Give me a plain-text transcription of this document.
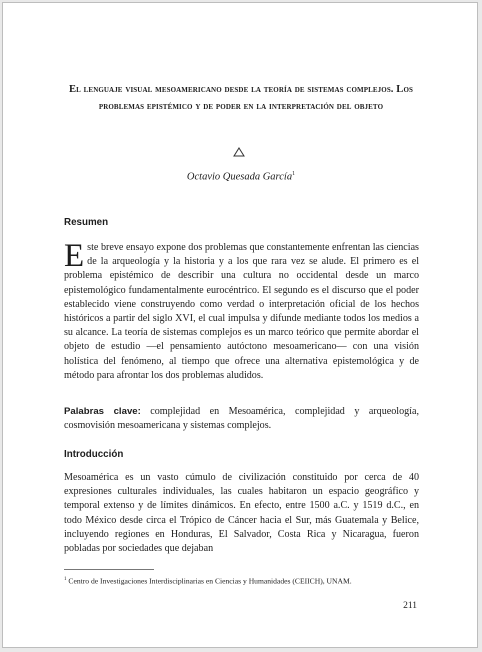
El lenguaje visual mesoamericano desde la teoría de sistemas complejos. Los problemas epistémico y de poder en la interpretación del objeto
Octavio Quesada García$^1$
Resumen

Este breve ensayo expone dos problemas que constantemente enfrentan las ciencias de la arqueología y la historia y a los que rara vez se alude. El primero es el problema epistémico de describir una cultura no occidental desde un marco epistemológico fundamentalmente eurocéntrico. El segundo es el discurso que el poder establecido viene construyendo como verdad o interpretación oficial de los hechos históricos a partir del siglo XVI, el cual impulsa y difunde mediante todos los medios a su alcance. La teoría de sistemas complejos es un marco teórico que permite abordar el objeto de estudio —el pensamiento autóctono mesoamericano— con una visión holística del fenómeno, al tiempo que ofrece una alternativa epistemológica y de método para afrontar los dos problemas aludidos.

Palabras clave: complejidad en Mesoamérica, complejidad y arqueología, cosmovisión mesoamericana y sistemas complejos.

Introducción

Mesoamérica es un vasto cúmulo de civilización constituido por cerca de 40 expresiones culturales individuales, las cuales habitaron un espacio geográfico y temporal extenso y de límites dinámicos. En efecto, entre 1500 a.C. y 1519 d.C., en todo México desde circa el Trópico de Cáncer hacia el Sur, más Guatemala y Belice, incluyendo regiones en Honduras, El Salvador, Costa Rica y Nicaragua, fueron pobladas por sociedades que dejaban

$^1$ Centro de Investigaciones Interdisciplinarias en Ciencias y Humanidades (CEIICH), UNAM.
211
